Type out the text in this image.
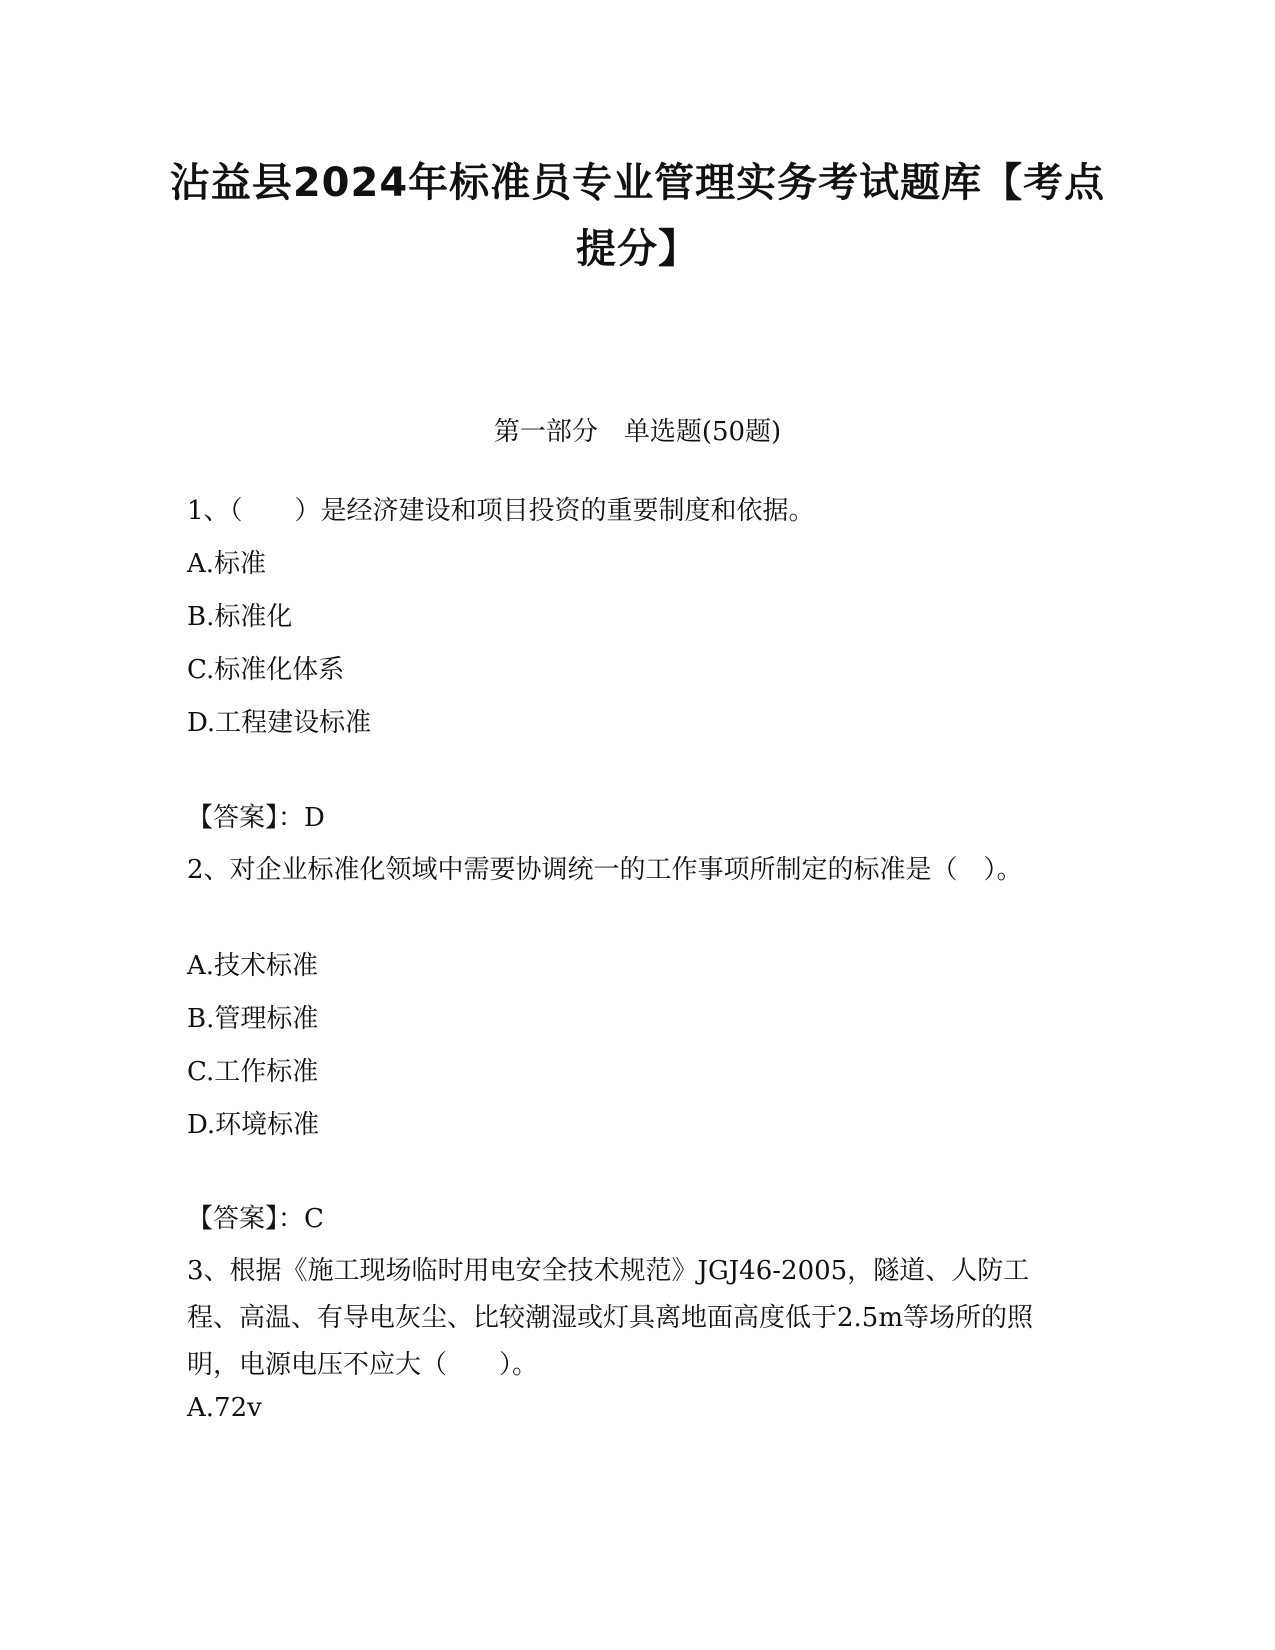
沾益县2024年标准员专业管理实务考试题库【考点提分】
第一部分　单选题(50题)
1、（　　）是经济建设和项目投资的重要制度和依据。
A.标准
B.标准化
C.标准化体系
D.工程建设标准
【答案】：D
2、对企业标准化领域中需要协调统一的工作事项所制定的标准是（　）。
A.技术标准
B.管理标准
C.工作标准
D.环境标准
【答案】：C
3、根据《施工现场临时用电安全技术规范》JGJ46-2005，隧道、人防工程、高温、有导电灰尘、比较潮湿或灯具离地面高度低于2.5m等场所的照明，电源电压不应大（　　）。
A.72v
